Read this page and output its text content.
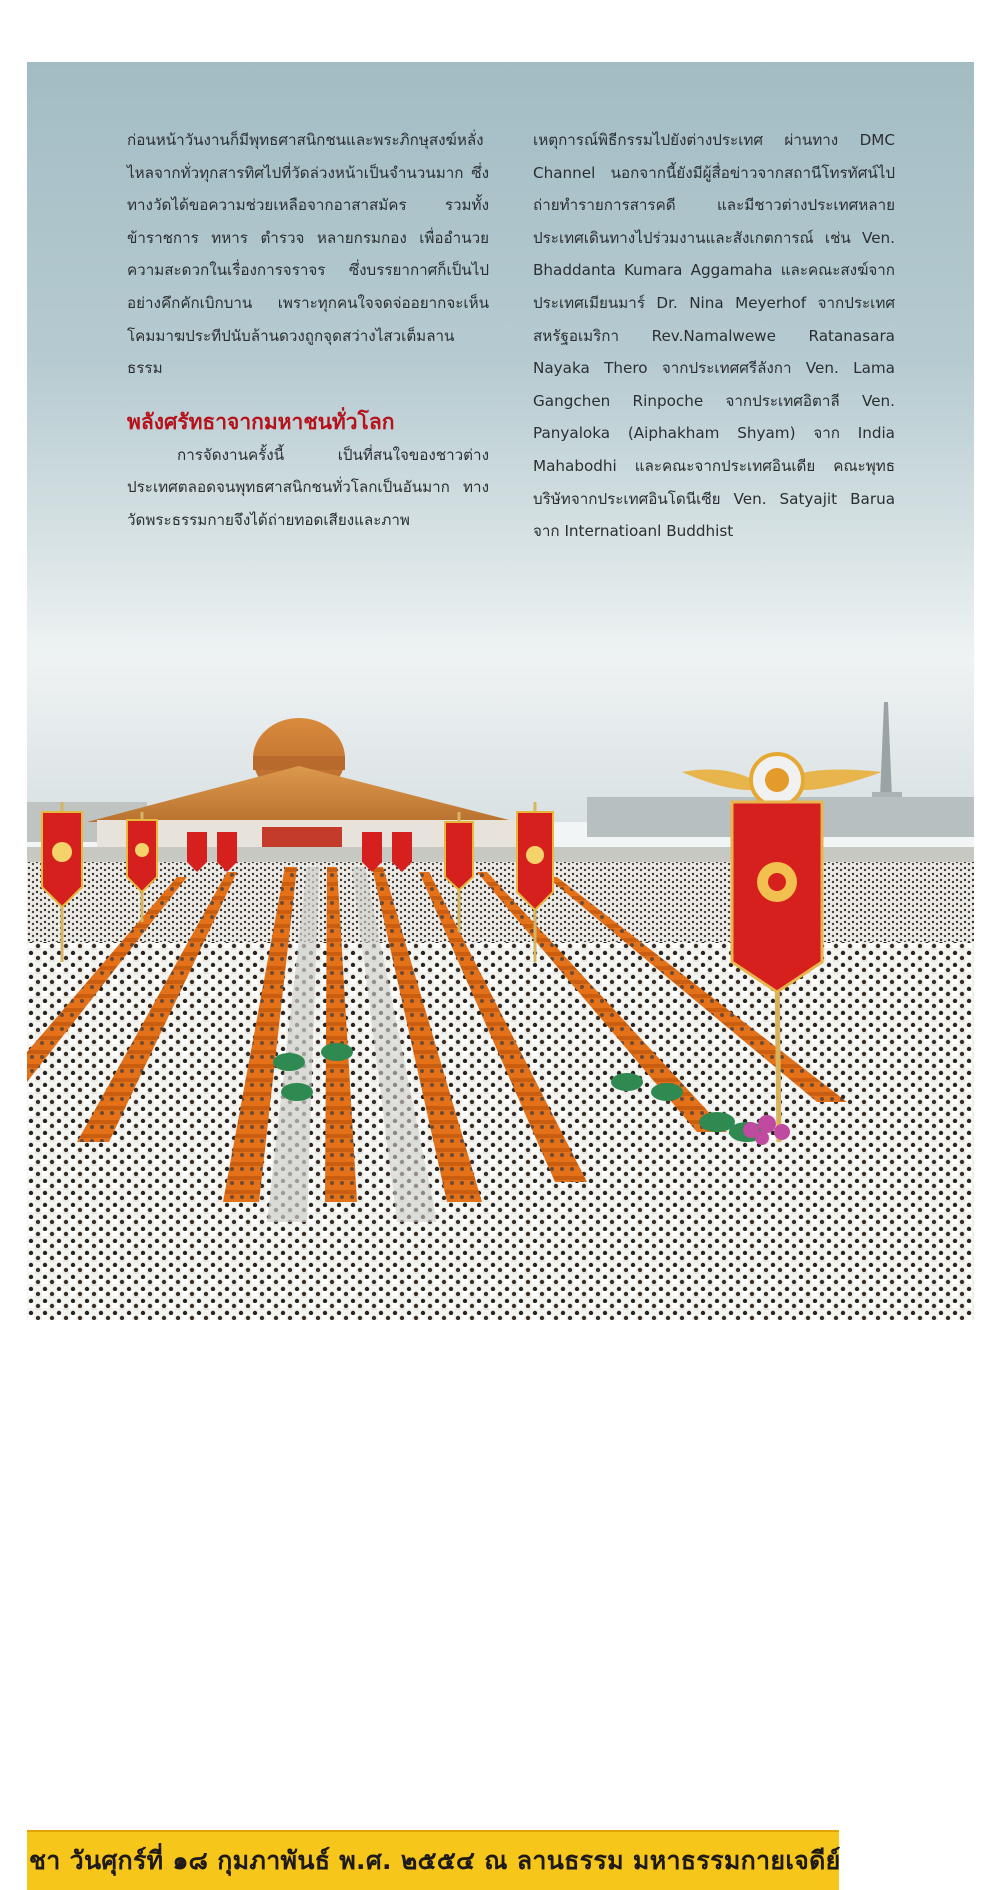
ก่อนหน้าวันงานก็มีพุทธศาสนิกชนและพระภิกษุสงฆ์หลั่งไหลจากทั่วทุกสารทิศไปที่วัดล่วงหน้าเป็นจำนวนมาก ซึ่งทางวัดได้ขอความช่วยเหลือจากอาสาสมัคร รวมทั้งข้าราชการ ทหาร ตำรวจ หลายกรมกอง เพื่ออำนวยความสะดวกในเรื่องการจราจร ซึ่งบรรยากาศก็เป็นไปอย่างคึกคักเบิกบาน เพราะทุกคนใจจดจ่ออยากจะเห็นโคมมาฆประทีปนับล้านดวงถูกจุดสว่างไสวเต็มลานธรรม

พลังศรัทธาจากมหาชนทั่วโลก

การจัดงานครั้งนี้ เป็นที่สนใจของชาวต่างประเทศตลอดจนพุทธศาสนิกชนทั่วโลกเป็นอันมาก ทางวัดพระธรรมกายจึงได้ถ่ายทอดเสียงและภาพ

เหตุการณ์พิธีกรรมไปยังต่างประเทศ ผ่านทาง DMC Channel นอกจากนี้ยังมีผู้สื่อข่าวจากสถานีโทรทัศน์ไปถ่ายทำรายการสารคดี และมีชาวต่างประเทศหลายประเทศเดินทางไปร่วมงานและสังเกตการณ์ เช่น Ven. Bhaddanta Kumara Aggamaha และคณะสงฆ์จากประเทศเมียนมาร์ Dr. Nina Meyerhof จากประเทศสหรัฐอเมริกา Rev.Namalwewe Ratanasara Nayaka Thero จากประเทศศรีลังกา Ven. Lama Gangchen Rinpoche จากประเทศอิตาลี Ven. Panyaloka (Aiphakham Shyam) จาก India Mahabodhi และคณะจากประเทศอินเดีย คณะพุทธบริษัทจากประเทศอินโดนีเซีย Ven. Satyajit Barua จาก Internatioanl Buddhist

ชา วันศุกร์ที่ ๑๘ กุมภาพันธ์ พ.ศ. ๒๕๕๔ ณ ลานธรรม มหาธรรมกายเจดีย์
